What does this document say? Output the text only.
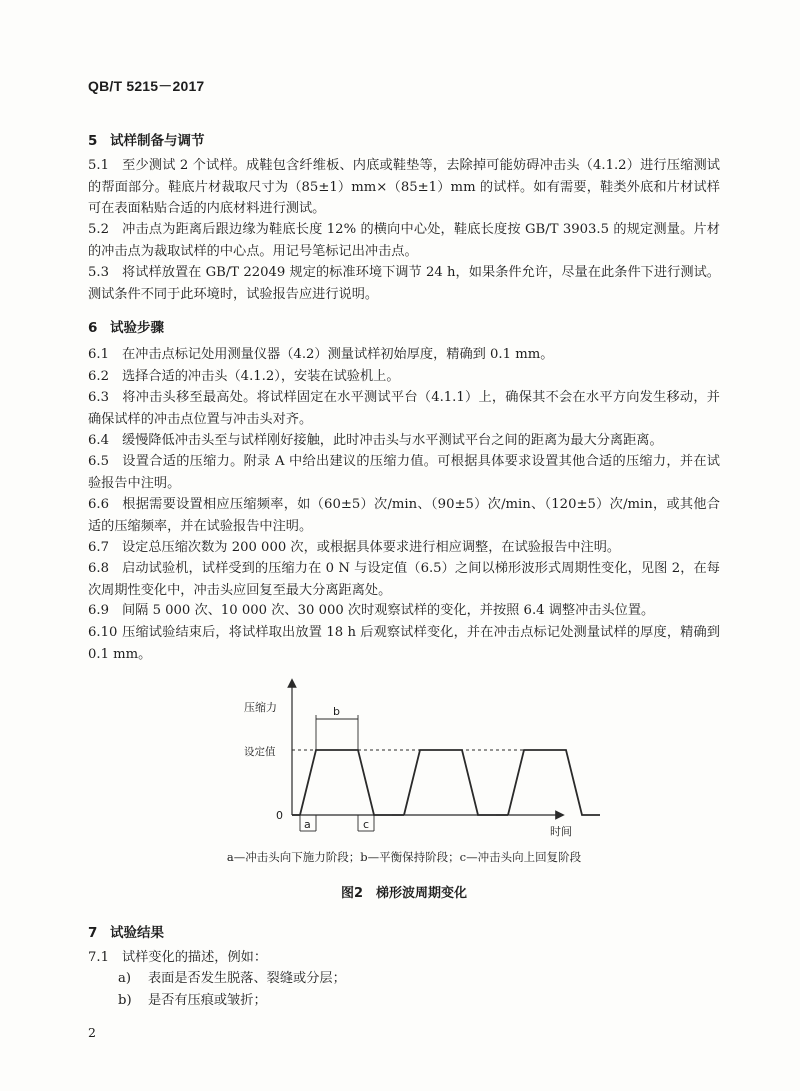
QB/T 5215－2017
5 试样制备与调节
5.1 至少测试 2 个试样。成鞋包含纤维板、内底或鞋垫等，去除掉可能妨碍冲击头（4.1.2）进行压缩测试的帮面部分。鞋底片材裁取尺寸为（85±1）mm×（85±1）mm 的试样。如有需要，鞋类外底和片材试样可在表面粘贴合适的内底材料进行测试。
5.2 冲击点为距离后跟边缘为鞋底长度 12% 的横向中心处，鞋底长度按 GB/T 3903.5 的规定测量。片材的冲击点为裁取试样的中心点。用记号笔标记出冲击点。
5.3 将试样放置在 GB/T 22049 规定的标准环境下调节 24 h，如果条件允许，尽量在此条件下进行测试。测试条件不同于此环境时，试验报告应进行说明。
6 试验步骤
6.1 在冲击点标记处用测量仪器（4.2）测量试样初始厚度，精确到 0.1 mm。
6.2 选择合适的冲击头（4.1.2），安装在试验机上。
6.3 将冲击头移至最高处。将试样固定在水平测试平台（4.1.1）上，确保其不会在水平方向发生移动，并确保试样的冲击点位置与冲击头对齐。
6.4 缓慢降低冲击头至与试样刚好接触，此时冲击头与水平测试平台之间的距离为最大分离距离。
6.5 设置合适的压缩力。附录 A 中给出建议的压缩力值。可根据具体要求设置其他合适的压缩力，并在试验报告中注明。
6.6 根据需要设置相应压缩频率，如（60±5）次/min、（90±5）次/min、（120±5）次/min，或其他合适的压缩频率，并在试验报告中注明。
6.7 设定总压缩次数为 200 000 次，或根据具体要求进行相应调整，在试验报告中注明。
6.8 启动试验机，试样受到的压缩力在 0 N 与设定值（6.5）之间以梯形波形式周期性变化，见图 2，在每次周期性变化中，冲击头应回复至最大分离距离处。
6.9 间隔 5 000 次、10 000 次、30 000 次时观察试样的变化，并按照 6.4 调整冲击头位置。
6.10 压缩试验结束后，将试样取出放置 18 h 后观察试样变化，并在冲击点标记处测量试样的厚度，精确到 0.1 mm。
压缩力
时间
0
设定值
b
a	c
a—冲击头向下施力阶段；b—平衡保持阶段；c—冲击头向上回复阶段
图2　梯形波周期变化
7 试验结果
7.1 试样变化的描述，例如：
a) 表面是否发生脱落、裂缝或分层；
b) 是否有压痕或皱折；
2
